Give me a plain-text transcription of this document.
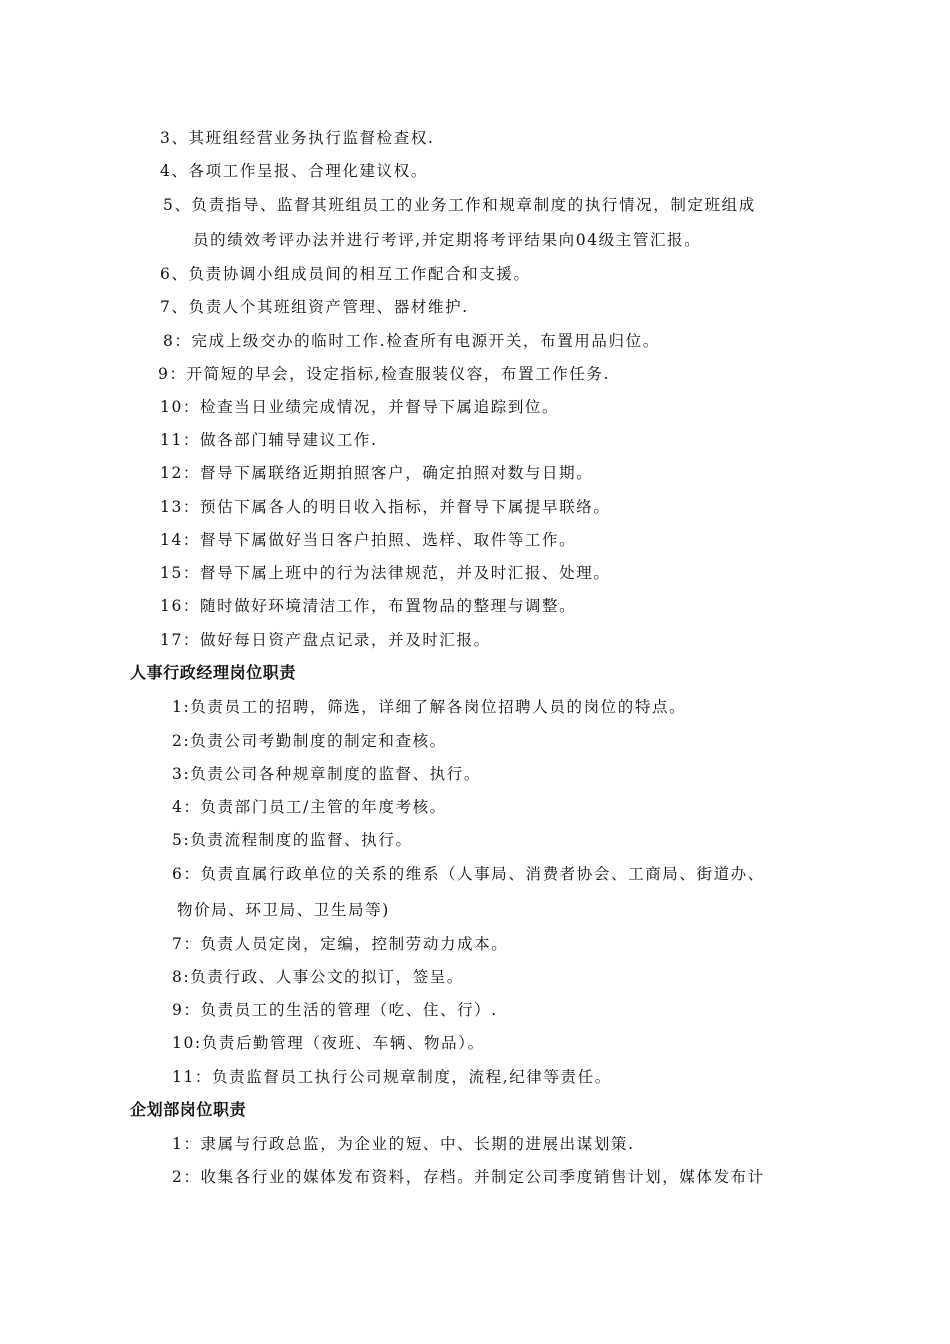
3、其班组经营业务执行监督检查权.
4、各项工作呈报、合理化建议权。
5、负责指导、监督其班组员工的业务工作和规章制度的执行情况，制定班组成
员的绩效考评办法并进行考评,并定期将考评结果向04级主管汇报。
6、负责协调小组成员间的相互工作配合和支援。
7、负责人个其班组资产管理、器材维护.
8：完成上级交办的临时工作.检查所有电源开关，布置用品归位。
9：开简短的早会，设定指标,检查服装仪容，布置工作任务.
10：检查当日业绩完成情况，并督导下属追踪到位。
11：做各部门辅导建议工作.
12：督导下属联络近期拍照客户，确定拍照对数与日期。
13：预估下属各人的明日收入指标，并督导下属提早联络。
14：督导下属做好当日客户拍照、选样、取件等工作。
15：督导下属上班中的行为法律规范，并及时汇报、处理。
16：随时做好环境清洁工作，布置物品的整理与调整。
17：做好每日资产盘点记录，并及时汇报。
人事行政经理岗位职责
1:负责员工的招聘，筛选，详细了解各岗位招聘人员的岗位的特点。
2:负责公司考勤制度的制定和查核。
3:负责公司各种规章制度的监督、执行。
4：负责部门员工/主管的年度考核。
5:负责流程制度的监督、执行。
6：负责直属行政单位的关系的维系（人事局、消费者协会、工商局、街道办、
物价局、环卫局、卫生局等)
7：负责人员定岗，定编，控制劳动力成本。
8:负责行政、人事公文的拟订，签呈。
9：负责员工的生活的管理（吃、住、行）.
10:负责后勤管理（夜班、车辆、物品）。
11：负责监督员工执行公司规章制度，流程,纪律等责任。
企划部岗位职责
1：隶属与行政总监，为企业的短、中、长期的进展出谋划策.
2：收集各行业的媒体发布资料，存档。并制定公司季度销售计划，媒体发布计
